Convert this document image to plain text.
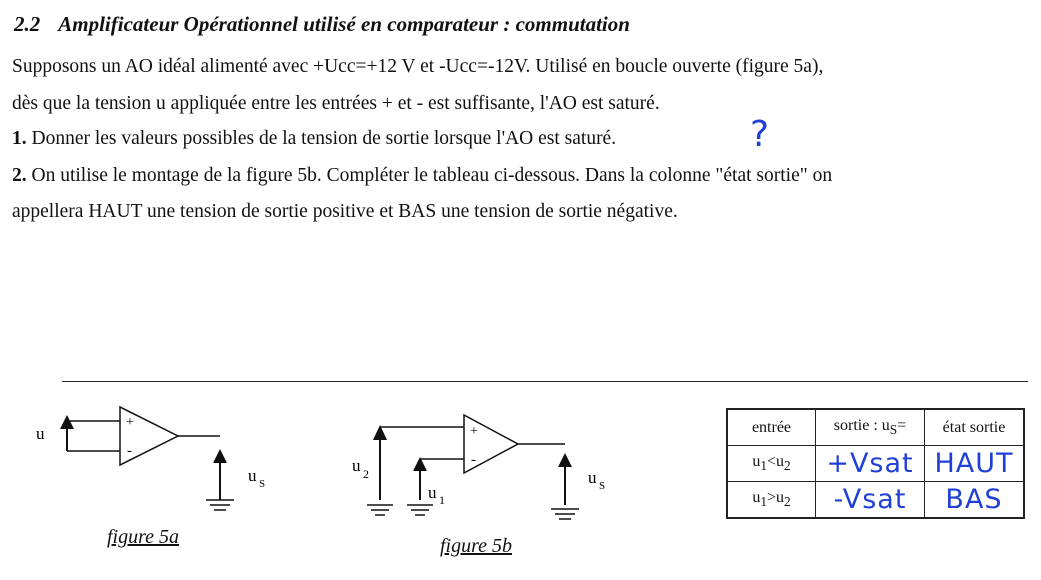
2.2 Amplificateur Opérationnel utilisé en comparateur : commutation
Supposons un AO idéal alimenté avec +Ucc=+12 V et -Ucc=-12V. Utilisé en boucle ouverte (figure 5a),
dès que la tension u appliquée entre les entrées + et - est suffisante, l'AO est saturé.
1. Donner les valeurs possibles de la tension de sortie lorsque l'AO est saturé.	?
2. On utilise le montage de la figure 5b. Compléter le tableau ci-dessous. Dans la colonne "état sortie" on
appellera HAUT une tension de sortie positive et BAS une tension de sortie négative.
u
+
-
u S
figure 5a
u 2
u 1
+
-
u S
figure 5b
entrée	sortie : $u_S=$	état sortie
$u_1<u_2$	+Vsat	HAUT
$u_1>u_2$	-Vsat	BAS
